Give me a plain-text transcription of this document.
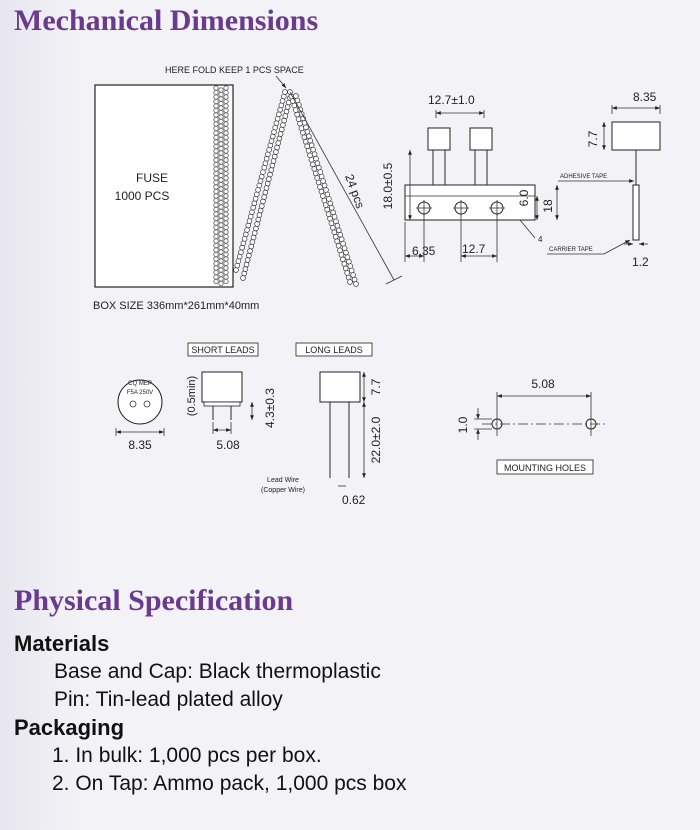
Mechanical Dimensions
FUSE
1000 PCS
BOX SIZE 336mm*261mm*40mm
HERE FOLD KEEP 1 PCS SPACE
24 pcs
12.7±1.0
18.0±0.5
6.35 12.7
6.0 18
4
ADHESIVE TAPE
CARRIER TAPE
8.35
7.7
1.2
SHORT LEADS
CQ MEP
F5A 250V
8.35	5.08
(0.5min)	4.3±0.3
LONG LEADS
7.7
22.0±2.0
Lead Wire
(Copper Wire)
0.62
5.08
1.0
MOUNTING HOLES
Physical Specification

Materials

Base and Cap: Black thermoplastic

Pin: Tin-lead plated alloy

Packaging

1. In bulk: 1,000 pcs per box.

2. On Tap: Ammo pack, 1,000 pcs box
